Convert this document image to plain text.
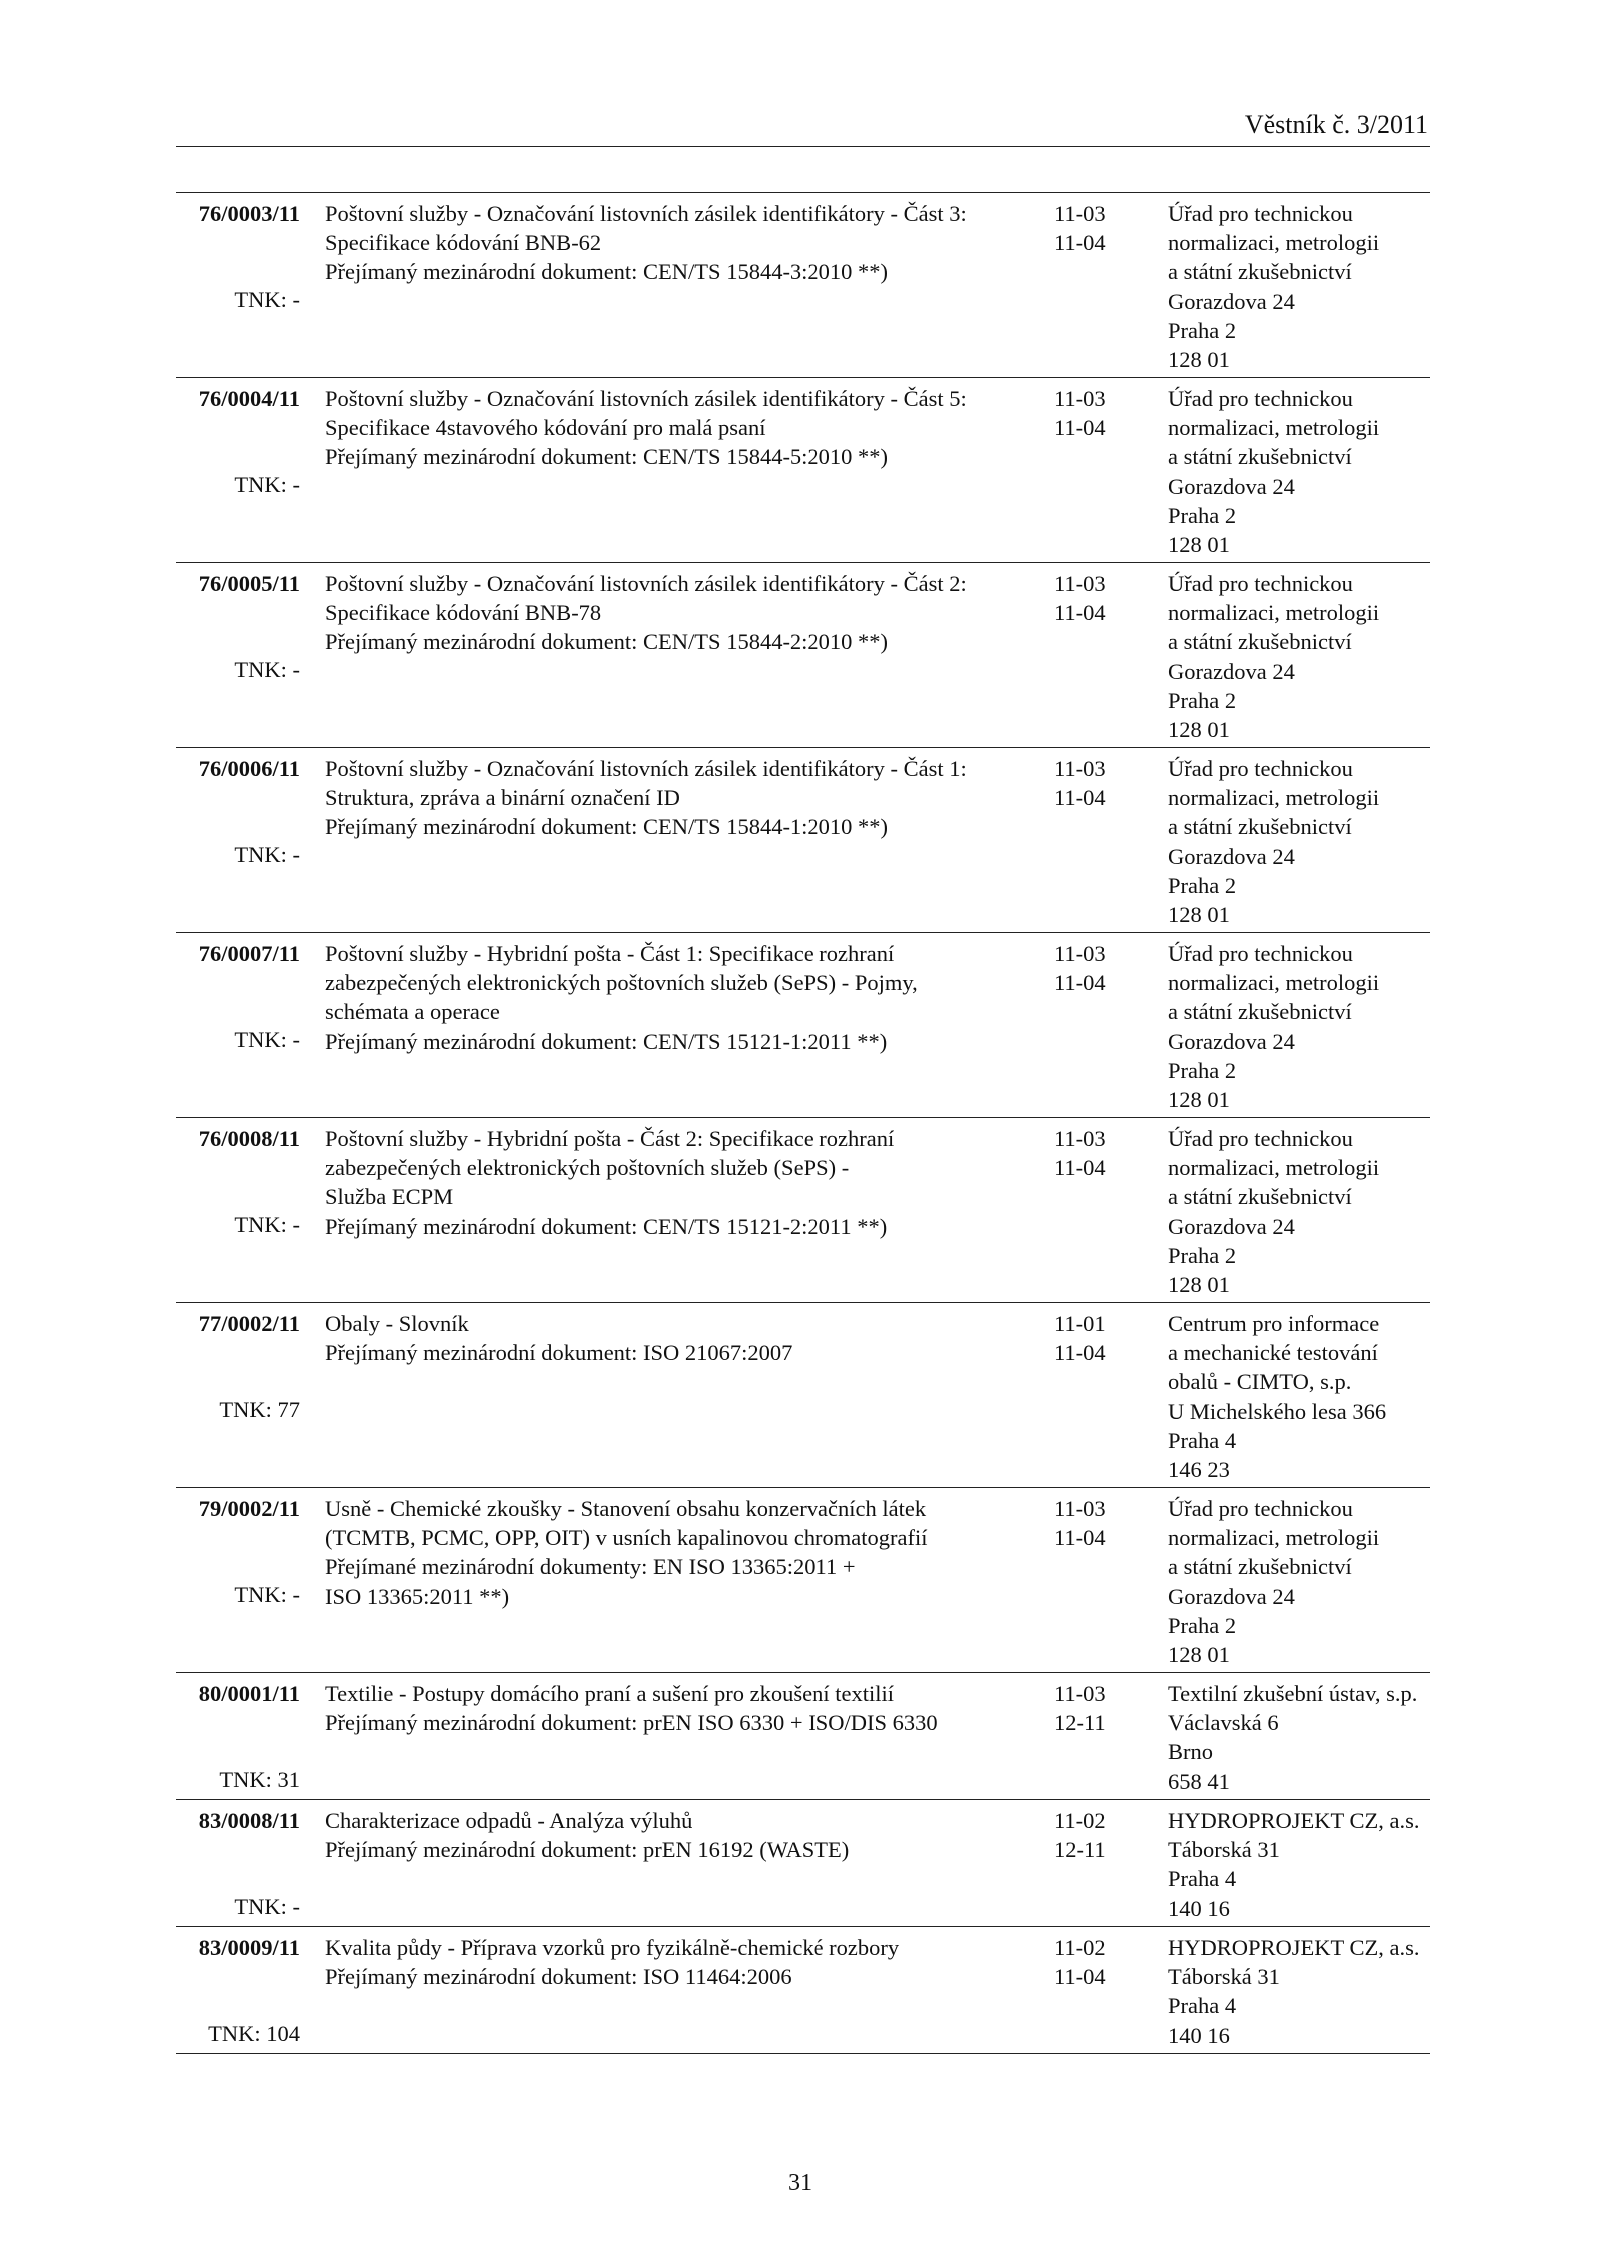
Věstník č. 3/2011
76/0003/11
TNK: -
Poštovní služby - Označování listovních zásilek identifikátory - Část 3:
Specifikace kódování BNB-62
Přejímaný mezinárodní dokument: CEN/TS 15844-3:2010 **)
11-03
11-04
Úřad pro technickou
normalizaci, metrologii
a státní zkušebnictví
Gorazdova 24
Praha 2
128 01
76/0004/11
TNK: -
Poštovní služby - Označování listovních zásilek identifikátory - Část 5:
Specifikace 4stavového kódování pro malá psaní
Přejímaný mezinárodní dokument: CEN/TS 15844-5:2010 **)
11-03
11-04
Úřad pro technickou
normalizaci, metrologii
a státní zkušebnictví
Gorazdova 24
Praha 2
128 01
76/0005/11
TNK: -
Poštovní služby - Označování listovních zásilek identifikátory - Část 2:
Specifikace kódování BNB-78
Přejímaný mezinárodní dokument: CEN/TS 15844-2:2010 **)
11-03
11-04
Úřad pro technickou
normalizaci, metrologii
a státní zkušebnictví
Gorazdova 24
Praha 2
128 01
76/0006/11
TNK: -
Poštovní služby - Označování listovních zásilek identifikátory - Část 1:
Struktura, zpráva a binární označení ID
Přejímaný mezinárodní dokument: CEN/TS 15844-1:2010 **)
11-03
11-04
Úřad pro technickou
normalizaci, metrologii
a státní zkušebnictví
Gorazdova 24
Praha 2
128 01
76/0007/11
TNK: -
Poštovní služby - Hybridní pošta - Část 1: Specifikace rozhraní
zabezpečených elektronických poštovních služeb (SePS) - Pojmy,
schémata a operace
Přejímaný mezinárodní dokument: CEN/TS 15121-1:2011 **)
11-03
11-04
Úřad pro technickou
normalizaci, metrologii
a státní zkušebnictví
Gorazdova 24
Praha 2
128 01
76/0008/11
TNK: -
Poštovní služby - Hybridní pošta - Část 2: Specifikace rozhraní
zabezpečených elektronických poštovních služeb (SePS) -
Služba ECPM
Přejímaný mezinárodní dokument: CEN/TS 15121-2:2011 **)
11-03
11-04
Úřad pro technickou
normalizaci, metrologii
a státní zkušebnictví
Gorazdova 24
Praha 2
128 01
77/0002/11
TNK: 77
Obaly - Slovník
Přejímaný mezinárodní dokument: ISO 21067:2007
11-01
11-04
Centrum pro informace
a mechanické testování
obalů - CIMTO, s.p.
U Michelského lesa 366
Praha 4
146 23
79/0002/11
TNK: -
Usně - Chemické zkoušky - Stanovení obsahu konzervačních látek
(TCMTB, PCMC, OPP, OIT) v usních kapalinovou chromatografií
Přejímané mezinárodní dokumenty: EN ISO 13365:2011 +
ISO 13365:2011 **)
11-03
11-04
Úřad pro technickou
normalizaci, metrologii
a státní zkušebnictví
Gorazdova 24
Praha 2
128 01
80/0001/11
TNK: 31
Textilie - Postupy domácího praní a sušení pro zkoušení textilií
Přejímaný mezinárodní dokument: prEN ISO 6330 + ISO/DIS 6330
11-03
12-11
Textilní zkušební ústav, s.p.
Václavská 6
Brno
658 41
83/0008/11
TNK: -
Charakterizace odpadů - Analýza výluhů
Přejímaný mezinárodní dokument: prEN 16192 (WASTE)
11-02
12-11
HYDROPROJEKT CZ, a.s.
Táborská 31
Praha 4
140 16
83/0009/11
TNK: 104
Kvalita půdy - Příprava vzorků pro fyzikálně-chemické rozbory
Přejímaný mezinárodní dokument: ISO 11464:2006
11-02
11-04
HYDROPROJEKT CZ, a.s.
Táborská 31
Praha 4
140 16
31
